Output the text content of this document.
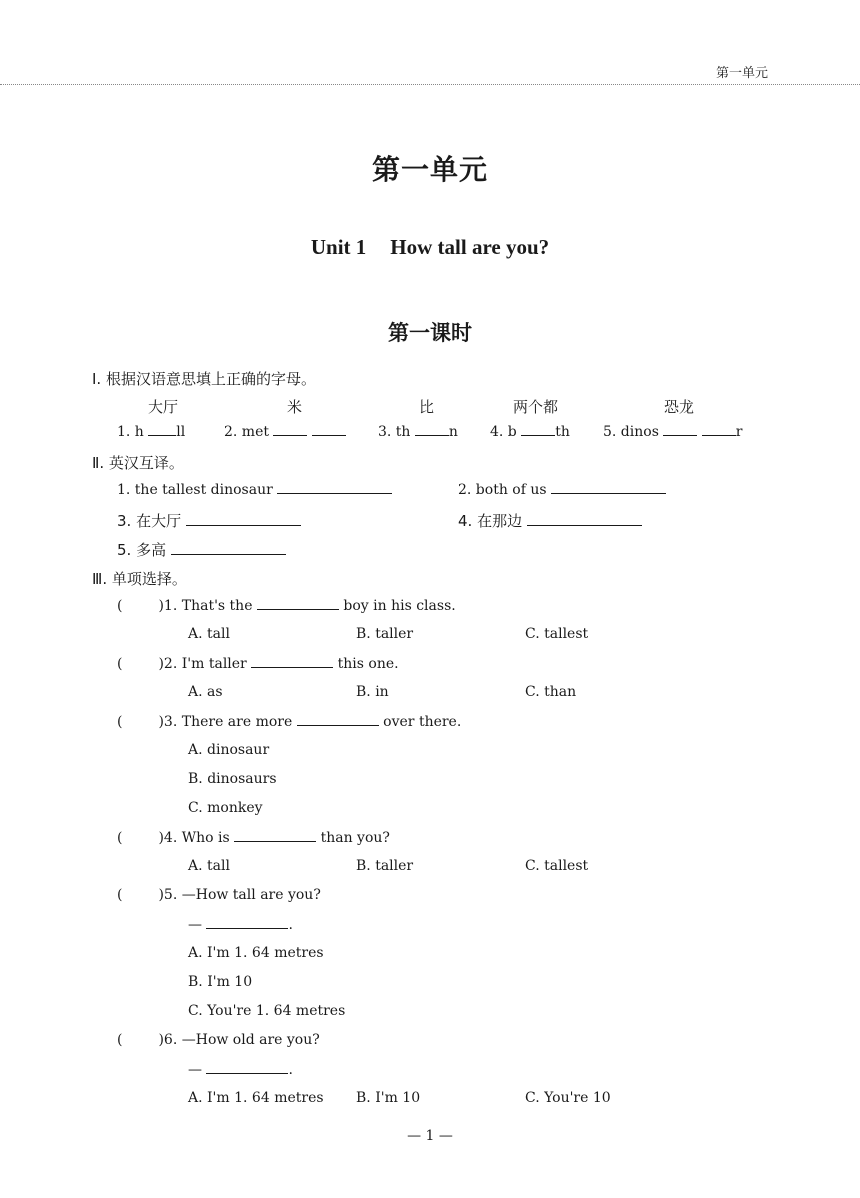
第一单元
第一单元
Unit 1 How tall are you?
第一课时
Ⅰ. 根据汉语意思填上正确的字母。
大厅	米	比	两个都	恐龙
1. h ll	2. met	3. th	n 4. b	th 5. dinos	r
Ⅱ. 英汉互译。
1. the tallest dinosaur	2. both of us
3. 在大厅	4. 在那边
5. 多高
Ⅲ. 单项选择。
(	)1. That's the	boy in his class.
A. tall	B. taller	C. tallest
(	)2. I'm taller	this one.
A. as	B. in	C. than
(	)3. There are more	over there.
A. dinosaur
B. dinosaurs
C. monkey
(	)4. Who is	than you?
A. tall	B. taller	C. tallest
(	)5. —How tall are you?
—	.
A. I'm 1. 64 metres
B. I'm 10
C. You're 1. 64 metres
(	)6. —How old are you?
—	.
A. I'm 1. 64 metres B. I'm 10	C. You're 10
— 1 —
